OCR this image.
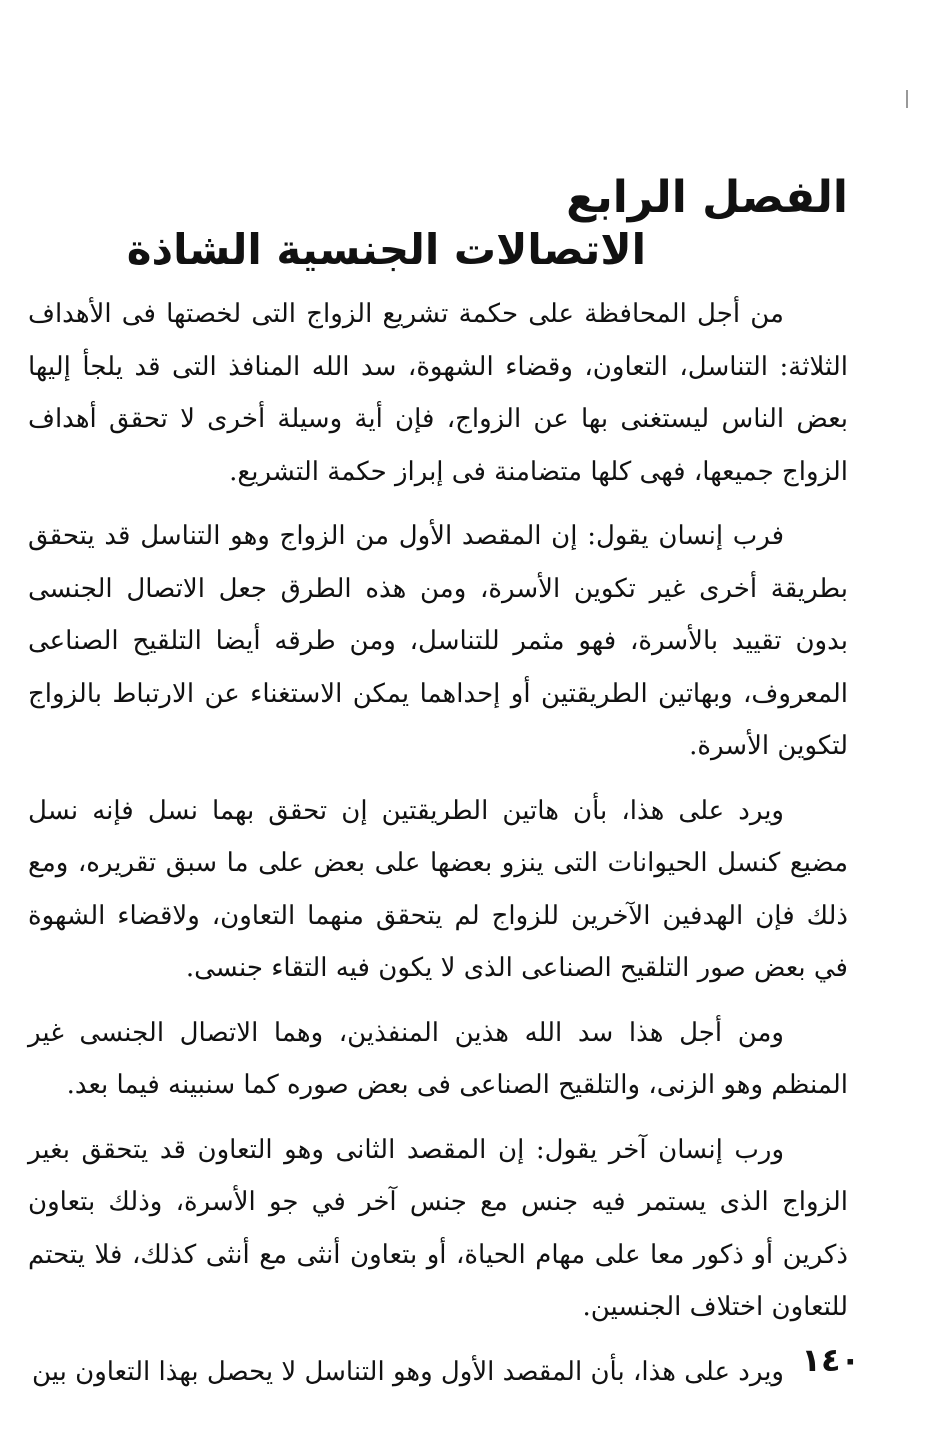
الفصل الرابع
الاتصالات الجنسية الشاذة

من أجل المحافظة على حكمة تشريع الزواج التى لخصتها فى الأهداف الثلاثة: التناسل، التعاون، وقضاء الشهوة، سد الله المنافذ التى قد يلجأ إليها بعض الناس ليستغنى بها عن الزواج، فإن أية وسيلة أخرى لا تحقق أهداف الزواج جميعها، فهى كلها متضامنة فى إبراز حكمة التشريع.

فرب إنسان يقول: إن المقصد الأول من الزواج وهو التناسل قد يتحقق بطريقة أخرى غير تكوين الأسرة، ومن هذه الطرق جعل الاتصال الجنسى بدون تقييد بالأسرة، فهو مثمر للتناسل، ومن طرقه أيضا التلقيح الصناعى المعروف، وبهاتين الطريقتين أو إحداهما يمكن الاستغناء عن الارتباط بالزواج لتكوين الأسرة.

ويرد على هذا، بأن هاتين الطريقتين إن تحقق بهما نسل فإنه نسل مضيع كنسل الحيوانات التى ينزو بعضها على بعض على ما سبق تقريره، ومع ذلك فإن الهدفين الآخرين للزواج لم يتحقق منهما التعاون، ولاقضاء الشهوة في بعض صور التلقيح الصناعى الذى لا يكون فيه التقاء جنسى.

ومن أجل هذا سد الله هذين المنفذين، وهما الاتصال الجنسى غير المنظم وهو الزنى، والتلقيح الصناعى فى بعض صوره كما سنبينه فيما بعد.

ورب إنسان آخر يقول: إن المقصد الثانى وهو التعاون قد يتحقق بغير الزواج الذى يستمر فيه جنس مع جنس آخر في جو الأسرة، وذلك بتعاون ذكرين أو ذكور معا على مهام الحياة، أو بتعاون أنثى مع أنثى كذلك، فلا يتحتم للتعاون اختلاف الجنسين.

ويرد على هذا، بأن المقصد الأول وهو التناسل لا يحصل بهذا التعاون بين ١٤٠
